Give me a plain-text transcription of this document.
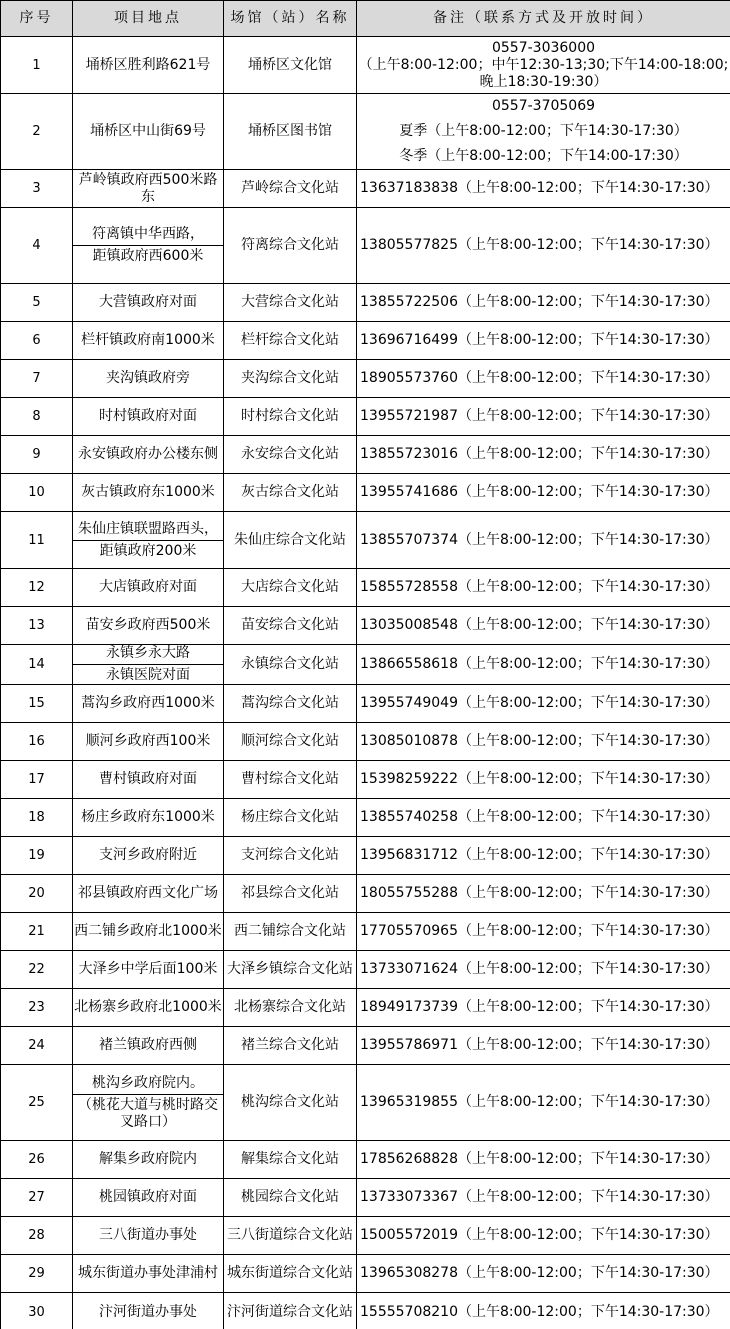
序号	项目地点	场馆（站）名称	备注（联系方式及开放时间）
1	埇桥区胜利路621号	埇桥区文化馆	0557-3036000
（上午8:00-12:00；中午12:30-13;30;下午14:00-18:00;晚上18:30-19:30）

2	埇桥区中山街69号	埇桥区图书馆	0557-3705069
夏季（上午8:00-12:00；下午14:30-17:30）
冬季（上午8:00-12:00；下午14:00-17:30）

3	芦岭镇政府西500米路东	芦岭综合文化站	13637183838（上午8:00-12:00；下午14:30-17:30）
4	符离镇中华西路，
距镇政府西600米	符离综合文化站	13805577825（上午8:00-12:00；下午14:30-17:30）
5	大营镇政府对面	大营综合文化站	13855722506（上午8:00-12:00；下午14:30-17:30）
6	栏杆镇政府南1000米	栏杆综合文化站	13696716499（上午8:00-12:00；下午14:30-17:30）
7	夹沟镇政府旁	夹沟综合文化站	18905573760（上午8:00-12:00；下午14:30-17:30）
8	时村镇政府对面	时村综合文化站	13955721987（上午8:00-12:00；下午14:30-17:30）
9	永安镇政府办公楼东侧	永安综合文化站	13855723016（上午8:00-12:00；下午14:30-17:30）
10	灰古镇政府东1000米	灰古综合文化站	13955741686（上午8:00-12:00；下午14:30-17:30）
11	朱仙庄镇联盟路西头，
距镇政府200米	朱仙庄综合文化站	13855707374（上午8:00-12:00；下午14:30-17:30）
12	大店镇政府对面	大店综合文化站	15855728558（上午8:00-12:00；下午14:30-17:30）
13	苗安乡政府西500米	苗安综合文化站	13035008548（上午8:00-12:00；下午14:30-17:30）
14	永镇乡永大路
永镇医院对面	永镇综合文化站	13866558618（上午8:00-12:00；下午14:30-17:30）
15	蒿沟乡政府西1000米	蒿沟综合文化站	13955749049（上午8:00-12:00；下午14:30-17:30）
16	顺河乡政府西100米	顺河综合文化站	13085010878（上午8:00-12:00；下午14:30-17:30）
17	曹村镇政府对面	曹村综合文化站	15398259222（上午8:00-12:00；下午14:30-17:30）
18	杨庄乡政府东1000米	杨庄综合文化站	13855740258（上午8:00-12:00；下午14:30-17:30）
19	支河乡政府附近	支河综合文化站	13956831712（上午8:00-12:00；下午14:30-17:30）
20	祁县镇政府西文化广场	祁县综合文化站	18055755288（上午8:00-12:00；下午14:30-17:30）
21	西二铺乡政府北1000米	西二铺综合文化站	17705570965（上午8:00-12:00；下午14:30-17:30）
22	大泽乡中学后面100米	大泽乡镇综合文化站	13733071624（上午8:00-12:00；下午14:30-17:30）
23	北杨寨乡政府北1000米	北杨寨综合文化站	18949173739（上午8:00-12:00；下午14:30-17:30）
24	褚兰镇政府西侧	褚兰综合文化站	13955786971（上午8:00-12:00；下午14:30-17:30）
25	桃沟乡政府院内。
（桃花大道与桃时路交叉路口）	桃沟综合文化站	13965319855（上午8:00-12:00；下午14:30-17:30）
26	解集乡政府院内	解集综合文化站	17856268828（上午8:00-12:00；下午14:30-17:30）
27	桃园镇政府对面	桃园综合文化站	13733073367（上午8:00-12:00；下午14:30-17:30）
28	三八街道办事处	三八街道综合文化站	15005572019（上午8:00-12:00；下午14:30-17:30）
29	城东街道办事处津浦村	城东街道综合文化站	13965308278（上午8:00-12:00；下午14:30-17:30）
30	汴河街道办事处	汴河街道综合文化站	15555708210（上午8:00-12:00；下午14:30-17:30）
